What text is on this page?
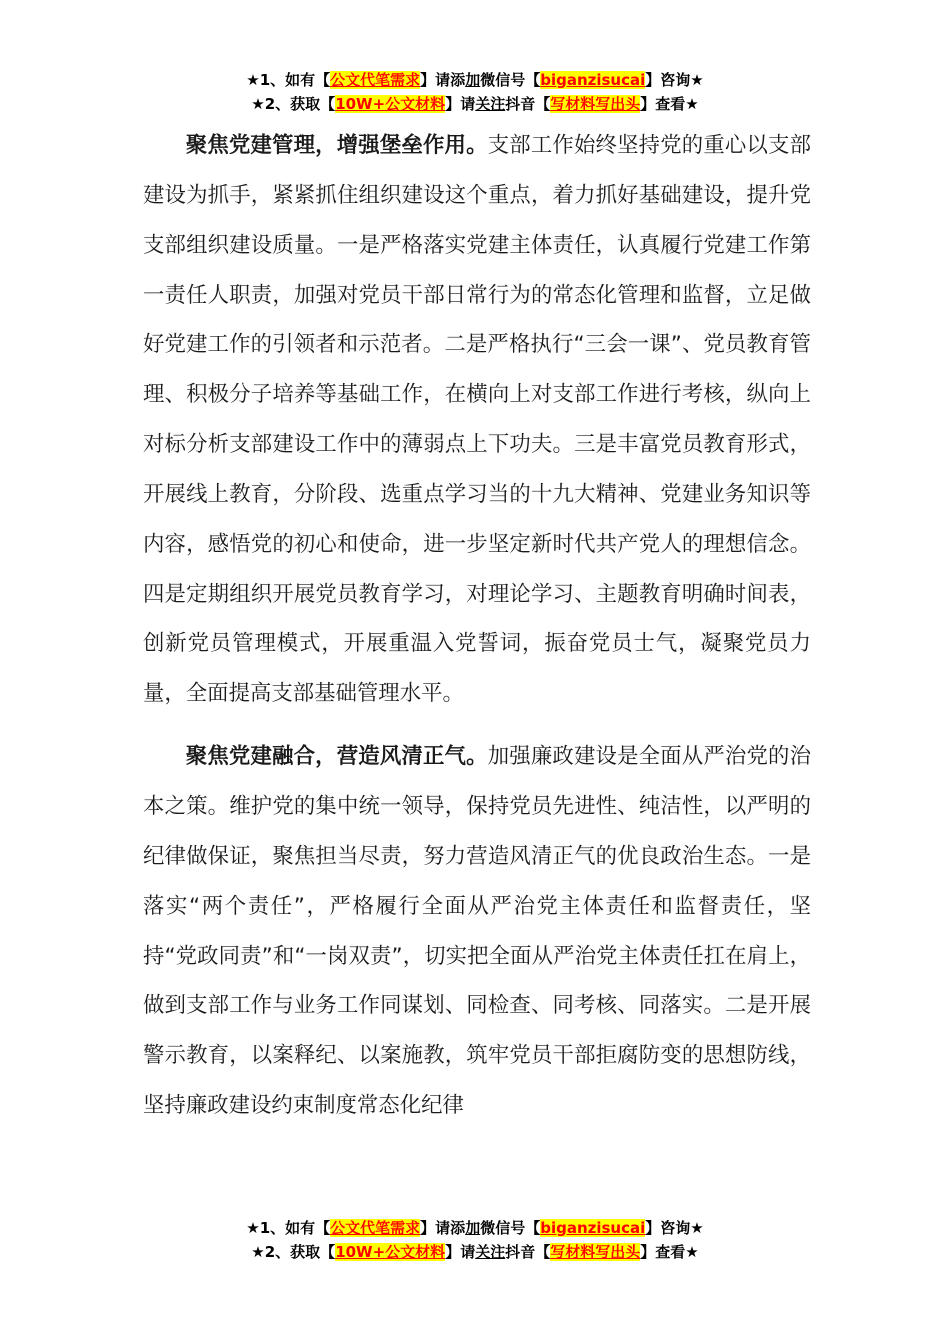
★1、如有【公文代笔需求】请添加微信号【biganzisucai】咨询★
★2、获取【10W+公文材料】请关注抖音【写材料写出头】查看★

聚焦党建管理，增强堡垒作用。支部工作始终坚持党的重心以支部建设为抓手，紧紧抓住组织建设这个重点，着力抓好基础建设，提升党支部组织建设质量。一是严格落实党建主体责任，认真履行党建工作第一责任人职责，加强对党员干部日常行为的常态化管理和监督，立足做好党建工作的引领者和示范者。二是严格执行“三会一课”、党员教育管理、积极分子培养等基础工作，在横向上对支部工作进行考核，纵向上对标分析支部建设工作中的薄弱点上下功夫。三是丰富党员教育形式，开展线上教育，分阶段、选重点学习当的十九大精神、党建业务知识等内容，感悟党的初心和使命，进一步坚定新时代共产党人的理想信念。四是定期组织开展党员教育学习，对理论学习、主题教育明确时间表，创新党员管理模式，开展重温入党誓词，振奋党员士气，凝聚党员力量，全面提高支部基础管理水平。

聚焦党建融合，营造风清正气。加强廉政建设是全面从严治党的治本之策。维护党的集中统一领导，保持党员先进性、纯洁性，以严明的纪律做保证，聚焦担当尽责，努力营造风清正气的优良政治生态。一是落实“两个责任”，严格履行全面从严治党主体责任和监督责任，坚持“党政同责”和“一岗双责”，切实把全面从严治党主体责任扛在肩上，做到支部工作与业务工作同谋划、同检查、同考核、同落实。二是开展警示教育，以案释纪、以案施教，筑牢党员干部拒腐防变的思想防线，坚持廉政建设约束制度常态化纪律

★1、如有【公文代笔需求】请添加微信号【biganzisucai】咨询★
★2、获取【10W+公文材料】请关注抖音【写材料写出头】查看★
